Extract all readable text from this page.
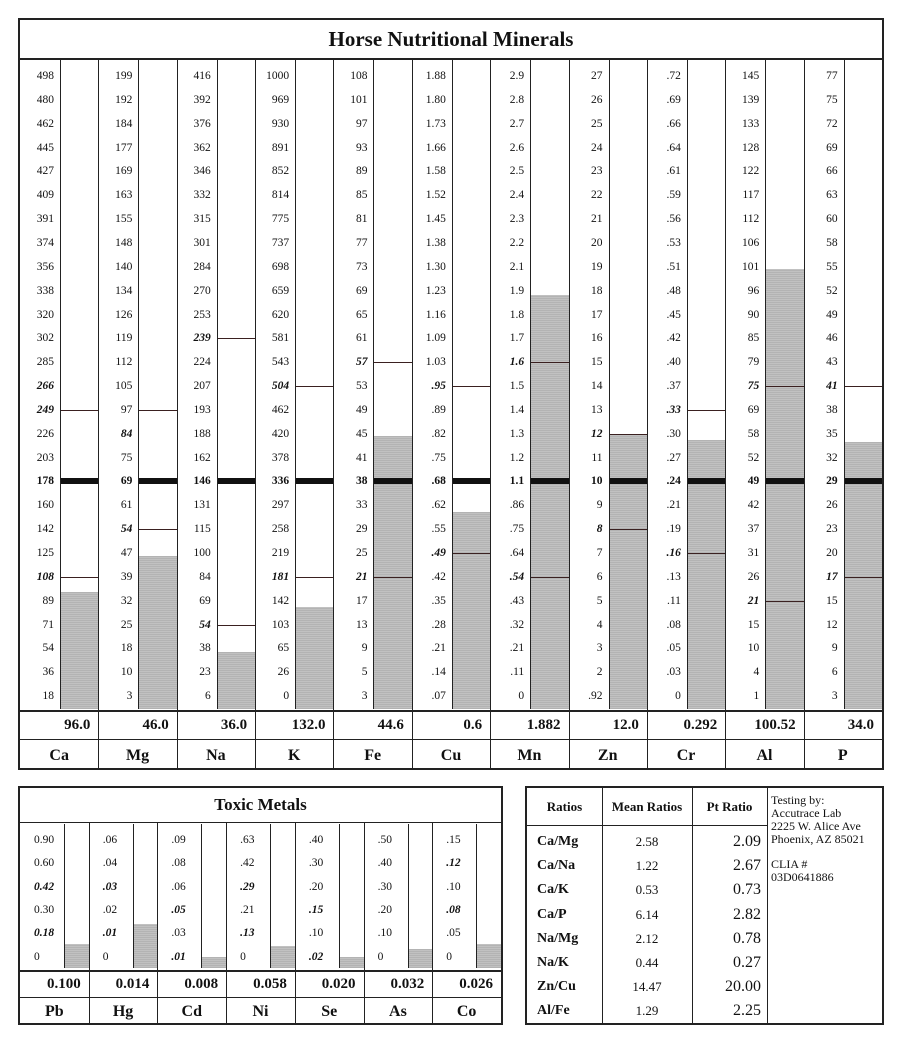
Horse Nutritional Minerals
498
480
462
445
427
409
391
374
356
338
320
302
285
266
249
226
203
178
160
142
125
108
89
71
54
36
18
199
192
184
177
169
163
155
148
140
134
126
119
112
105
97
84
75
69
61
54
47
39
32
25
18
10
3
416
392
376
362
346
332
315
301
284
270
253
239
224
207
193
188
162
146
131
115
100
84
69
54
38
23
6
1000
969
930
891
852
814
775
737
698
659
620
581
543
504
462
420
378
336
297
258
219
181
142
103
65
26
0
108
101
97
93
89
85
81
77
73
69
65
61
57
53
49
45
41
38
33
29
25
21
17
13
9
5
3
1.88
1.80
1.73
1.66
1.58
1.52
1.45
1.38
1.30
1.23
1.16
1.09
1.03
.95
.89
.82
.75
.68
.62
.55
.49
.42
.35
.28
.21
.14
.07
2.9
2.8
2.7
2.6
2.5
2.4
2.3
2.2
2.1
1.9
1.8
1.7
1.6
1.5
1.4
1.3
1.2
1.1
.86
.75
.64
.54
.43
.32
.21
.11
0
27
26
25
24
23
22
21
20
19
18
17
16
15
14
13
12
11
10
9
8
7
6
5
4
3
2
.92
.72
.69
.66
.64
.61
.59
.56
.53
.51
.48
.45
.42
.40
.37
.33
.30
.27
.24
.21
.19
.16
.13
.11
.08
.05
.03
0
145
139
133
128
122
117
112
106
101
96
90
85
79
75
69
58
52
49
42
37
31
26
21
15
10
4
1
77
75
72
69
66
63
60
58
55
52
49
46
43
41
38
35
32
29
26
23
20
17
15
12
9
6
3
96.0	46.0	36.0	132.0	44.6	0.6	1.882	12.0	0.292	100.52	34.0
Ca	Mg	Na	K	Fe	Cu	Mn	Zn	Cr	Al	P
Toxic Metals
0.90
0.60
0.42
0.30
0.18
0
.06
.04
.03
.02
.01
0
.09
.08
.06
.05
.03
.01
.63
.42
.29
.21
.13
0
.40
.30
.20
.15
.10
.02
.50
.40
.30
.20
.10
0
.15
.12
.10
.08
.05
0
0.100	0.014	0.008	0.058	0.020	0.032	0.026
Pb	Hg	Cd	Ni	Se	As	Co
Ratios	Mean Ratios	Pt Ratio
Ca/Mg	2.58	2.09
Ca/Na	1.22	2.67
Ca/K	0.53	0.73
Ca/P	6.14	2.82
Na/Mg	2.12	0.78
Na/K	0.44	0.27
Zn/Cu	14.47	20.00
Al/Fe	1.29	2.25
Testing by:
Accutrace Lab
2225 W. Alice Ave
Phoenix, AZ 85021
CLIA #
03D0641886
